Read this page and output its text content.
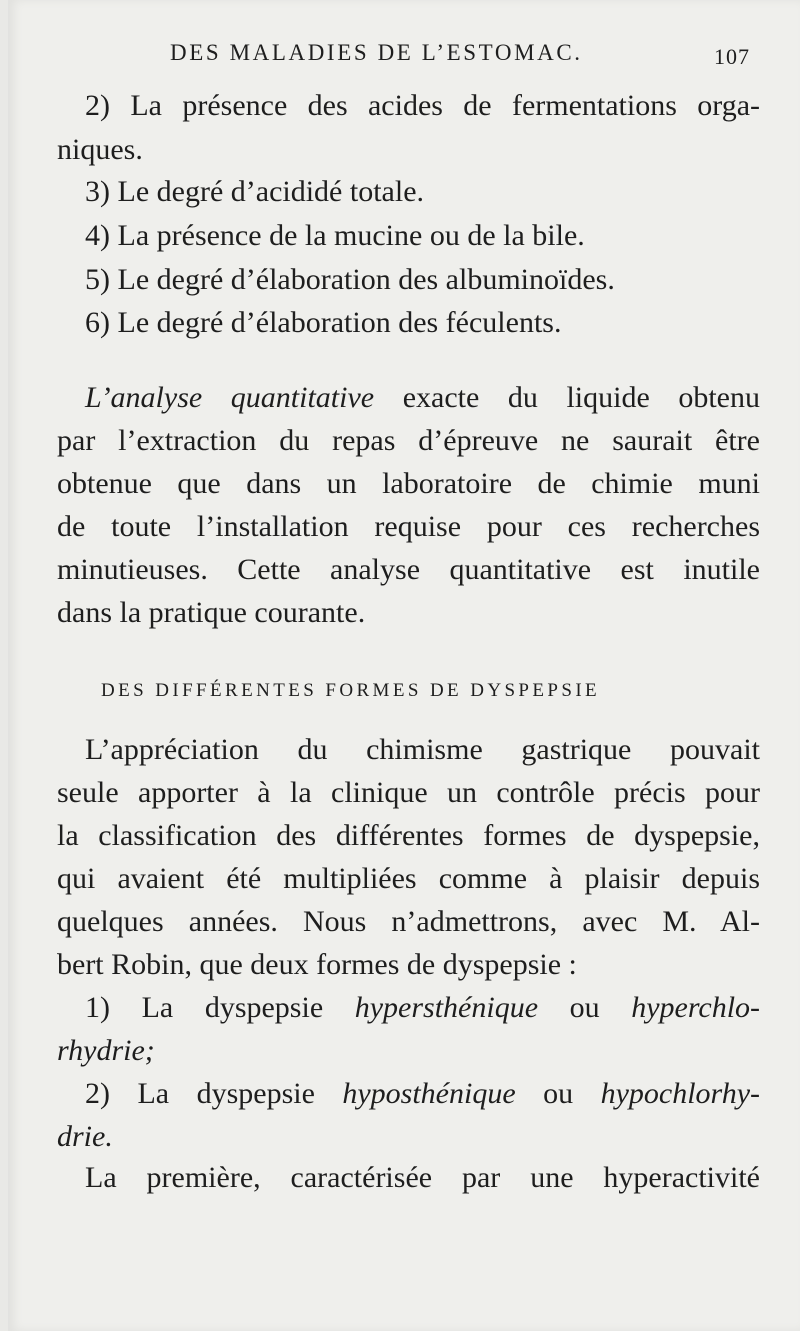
DES MALADIES DE L’ESTOMAC.	107
2) La présence des acides de fermentations orga-
niques.
3) Le degré d’acididé totale.
4) La présence de la mucine ou de la bile.
5) Le degré d’élaboration des albuminoïdes.
6) Le degré d’élaboration des féculents.
L’analyse quantitative exacte du liquide obtenu
par l’extraction du repas d’épreuve ne saurait être
obtenue que dans un laboratoire de chimie muni
de toute l’installation requise pour ces recherches
minutieuses. Cette analyse quantitative est inutile
dans la pratique courante.
DES DIFFÉRENTES FORMES DE DYSPEPSIE
L’appréciation du chimisme gastrique pouvait
seule apporter à la clinique un contrôle précis pour
la classification des différentes formes de dyspepsie,
qui avaient été multipliées comme à plaisir depuis
quelques années. Nous n’admettrons, avec M. Al-
bert Robin, que deux formes de dyspepsie :
1) La dyspepsie hypersthénique ou hyperchlo-
rhydrie;
2) La dyspepsie hyposthénique ou hypochlorhy-
drie.
La première, caractérisée par une hyperactivité
